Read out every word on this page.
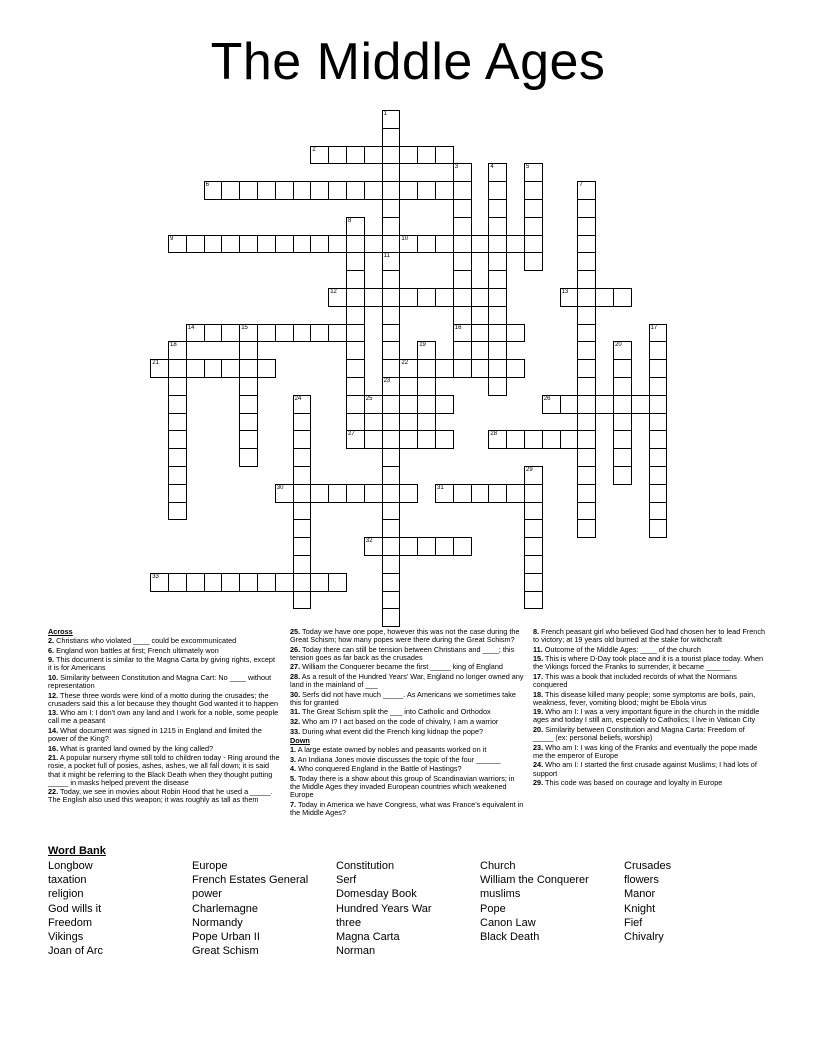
The Middle Ages
2
6
9	10
12	13
14	15	16
21	22
25	26
27	28
30	31
32
33
1
3	4	5
7
8
11
23
17
18	19	20
24
29
Across
2. Christians who violated ____ could be excommunicated
6. England won battles at first; French ultimately won
9. This document is similar to the Magna Carta by giving rights, except it is for Americans
10. Similarity between Constitution and Magna Cart: No ____ without representation
12. These three words were kind of a motto during the crusades; the crusaders said this a lot because they thought God wanted it to happen
13. Who am I: I don't own any land and I work for a noble, some people call me a peasant
14. What document was signed in 1215 in England and limited the power of the King?
16. What is granted land owned by the king called?
21. A popular nursery rhyme still told to children today - Ring around the rosie, a pocket full of posies, ashes, ashes, we all fall down; it is said that it might be referring to the Black Death when they thought putting _____ in masks helped prevent the disease
22. Today, we see in movies about Robin Hood that he used a _____. The English also used this weapon; it was roughly as tall as them
25. Today we have one pope, however this was not the case during the Great Schism; how many popes were there during the Great Schism?
26. Today there can still be tension between Christians and ____; this tension goes as far back as the crusades
27. William the Conquerer became the first _____ king of England
28. As a result of the Hundred Years' War, England no longer owned any land in the mainland of ___
30. Serfs did not have much _____. As Americans we sometimes take this for granted
31. The Great Schism split the ___ into Catholic and Orthodox
32. Who am I? I act based on the code of chivalry, I am a warrior
33. During what event did the French king kidnap the pope?
Down
1. A large estate owned by nobles and peasants worked on it
3. An Indiana Jones movie discusses the topic of the four ______
4. Who conquered England in the Battle of Hastings?
5. Today there is a show about this group of Scandinavian warriors; in the Middle Ages they invaded European countries which weakened Europe
7. Today in America we have Congress, what was France's equivalent in the Middle Ages?
8. French peasant girl who believed God had chosen her to lead French to victory; at 19 years old burned at the stake for witchcraft
11. Outcome of the Middle Ages: ____ of the church
15. This is where D-Day took place and it is a tourist place today. When the Vikings forced the Franks to surrender, it became ______
17. This was a book that included records of what the Normans conquered
18. This disease killed many people; some symptoms are boils, pain, weakness, fever, vomiting blood; might be Ebola virus
19. Who am I: I was a very important figure in the church in the middle ages and today I still am, especially to Catholics; I live in Vatican City
20. Similarity between Constitution and Magna Carta: Freedom of _____ (ex: personal beliefs, worship)
23. Who am I: I was king of the Franks and eventually the pope made me the emperor of Europe
24. Who am I: I started the first crusade against Muslims; I had lots of support
29. This code was based on courage and loyalty in Europe
Word Bank
Longbow	Europe	Constitution	Church	Crusades
taxation	French Estates General	Serf	William the Conquerer	flowers
religion	power	Domesday Book	muslims	Manor
God wills it	Charlemagne	Hundred Years War	Pope	Knight
Freedom	Normandy	three	Canon Law	Fief
Vikings	Pope Urban II	Magna Carta	Black Death	Chivalry
Joan of Arc	Great Schism	Norman
